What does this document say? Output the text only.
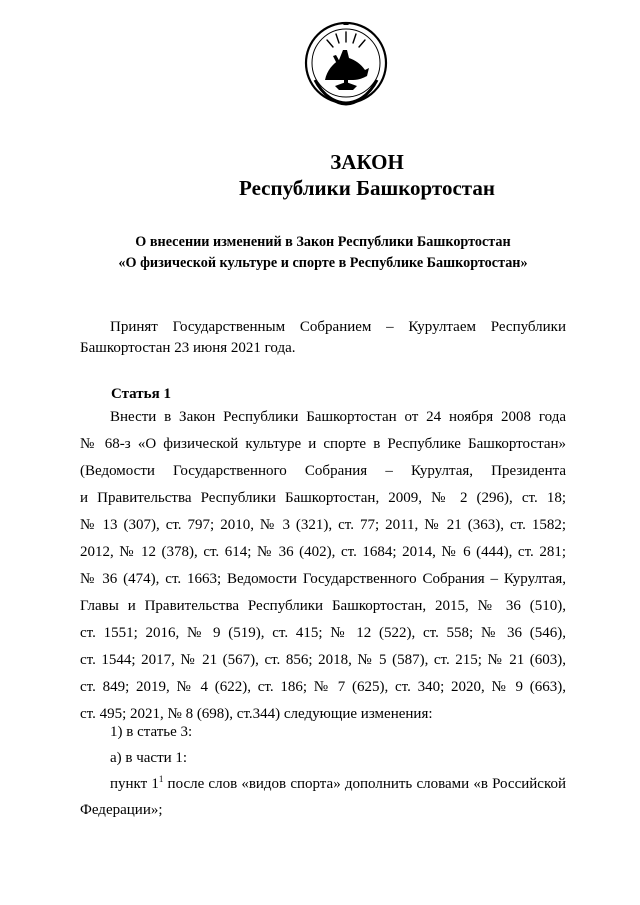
ЗАКОН
Республики Башкортостан
О внесении изменений в Закон Республики Башкортостан
«О физической культуре и спорте в Республике Башкортостан»
Принят Государственным Собранием – Курултаем Республики
Башкортостан 23 июня 2021 года.
Статья 1
Внести в Закон Республики Башкортостан от 24 ноября 2008 года
№ 68-з «О физической культуре и спорте в Республике Башкортостан»
(Ведомости Государственного Собрания – Курултая, Президента
и Правительства Республики Башкортостан, 2009, № 2 (296), ст. 18;
№ 13 (307), ст. 797; 2010, № 3 (321), ст. 77; 2011, № 21 (363), ст. 1582;
2012, № 12 (378), ст. 614; № 36 (402), ст. 1684; 2014, № 6 (444), ст. 281;
№ 36 (474), ст. 1663; Ведомости Государственного Собрания – Курултая,
Главы и Правительства Республики Башкортостан, 2015, № 36 (510),
ст. 1551; 2016, № 9 (519), ст. 415; № 12 (522), ст. 558; № 36 (546),
ст. 1544; 2017, № 21 (567), ст. 856; 2018, № 5 (587), ст. 215; № 21 (603),
ст. 849; 2019, № 4 (622), ст. 186; № 7 (625), ст. 340; 2020, № 9 (663),
ст. 495; 2021, № 8 (698), ст.344) следующие изменения:
1) в статье 3:
а) в части 1:
пункт $1^1$ после слов «видов спорта» дополнить словами «в Российской
Федерации»;
